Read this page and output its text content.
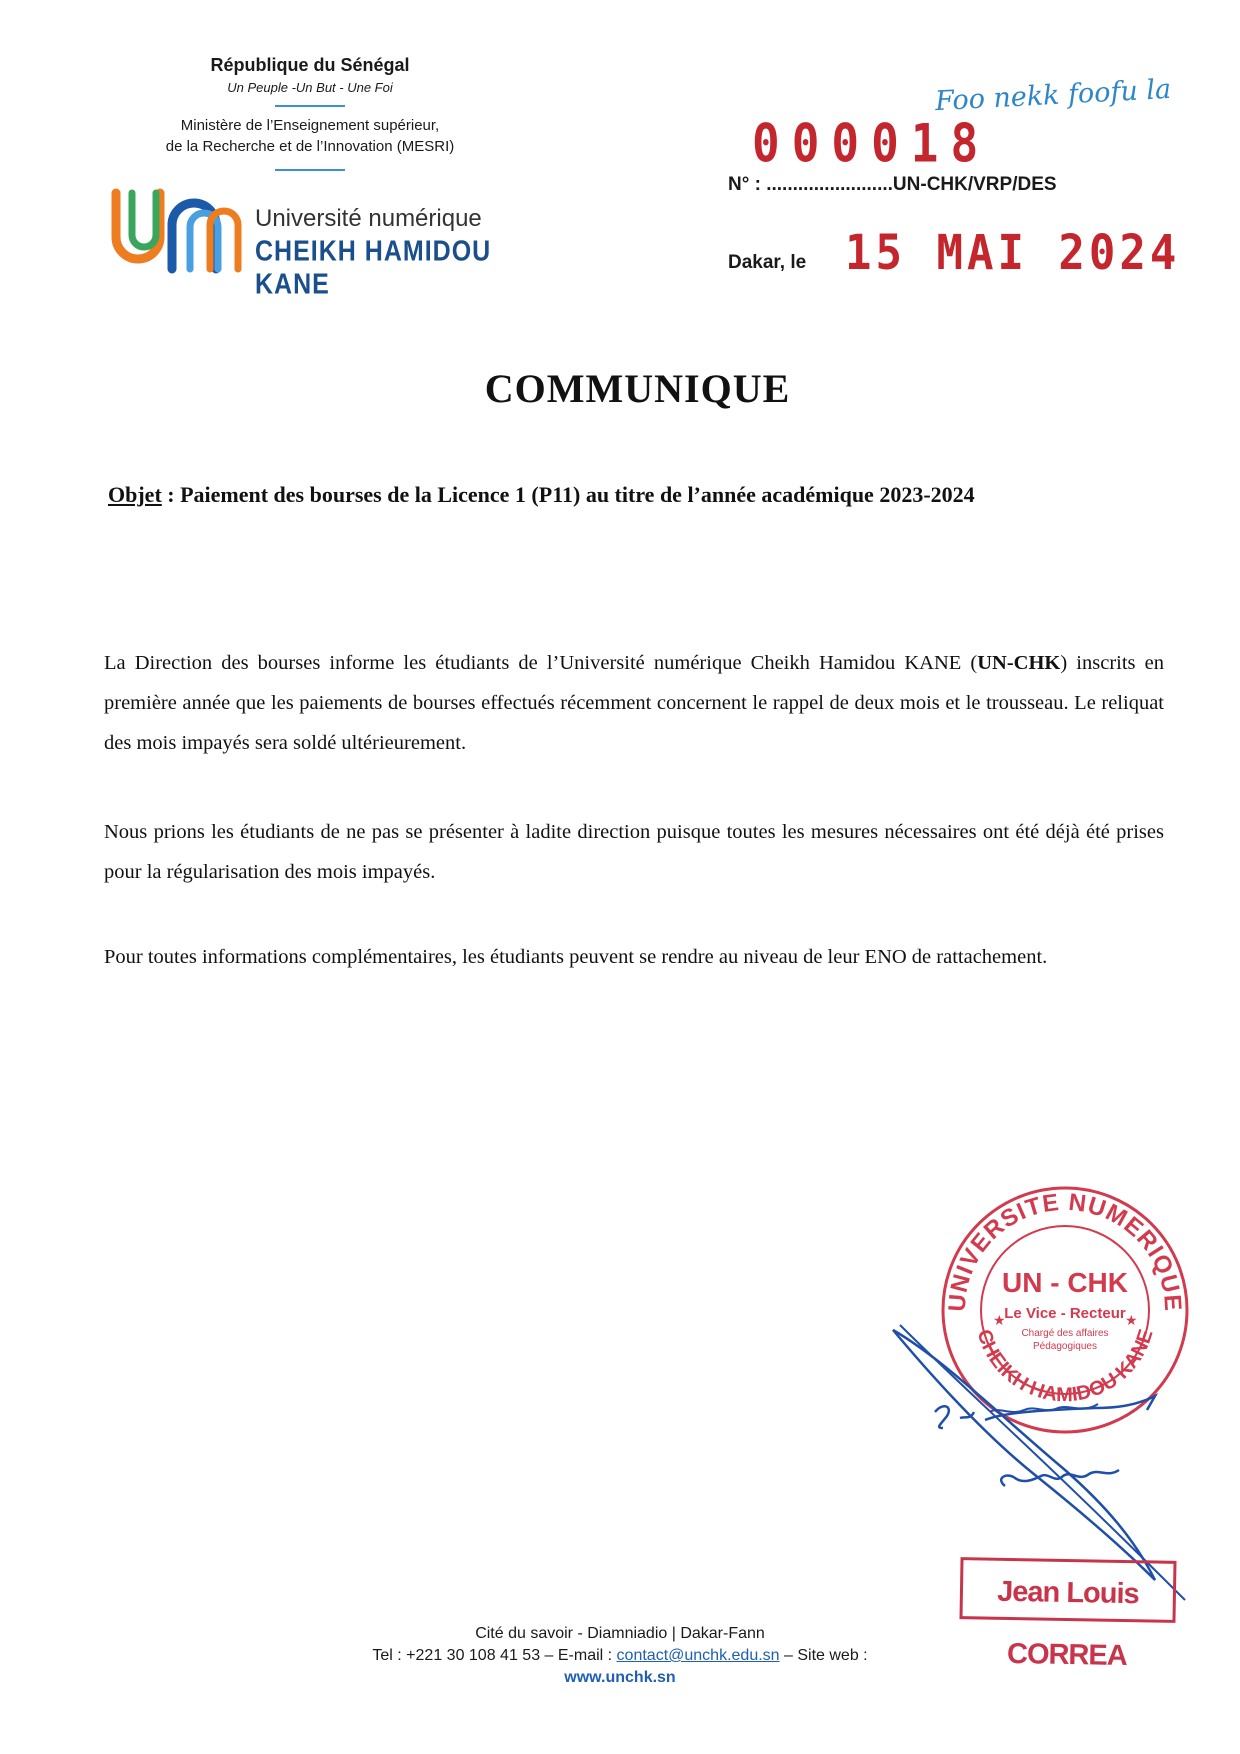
République du Sénégal
Un Peuple -Un But - Une Foi
Ministère de l’Enseignement supérieur,
de la Recherche et de l’Innovation (MESRI)
Université numérique
CHEIKH HAMIDOU KANE
Foo nekk foofu la
000018
N° : ........................UN-CHK/VRP/DES
Dakar, le 15 MAI 2024
COMMUNIQUE
Objet : Paiement des bourses de la Licence 1 (P11) au titre de l’année académique 2023-2024
La Direction des bourses informe les étudiants de l’Université numérique Cheikh Hamidou KANE (UN-CHK) inscrits en première année que les paiements de bourses effectués récemment concernent le rappel de deux mois et le trousseau. Le reliquat des mois impayés sera soldé ultérieurement.
Nous prions les étudiants de ne pas se présenter à ladite direction puisque toutes les mesures nécessaires ont été déjà été prises pour la régularisation des mois impayés.
Pour toutes informations complémentaires, les étudiants peuvent se rendre au niveau de leur ENO de rattachement.
UNIVERSITE NUMERIQUE
CHEIKH HAMIDOU KANE
UN - CHK
Le Vice - Recteur
Chargé des affaires
Pédagogiques
★	★
Jean Louis CORREA
Cité du savoir - Diamniadio | Dakar-Fann
Tel : +221 30 108 41 53 – E-mail : contact@unchk.edu.sn – Site web :
www.unchk.sn
